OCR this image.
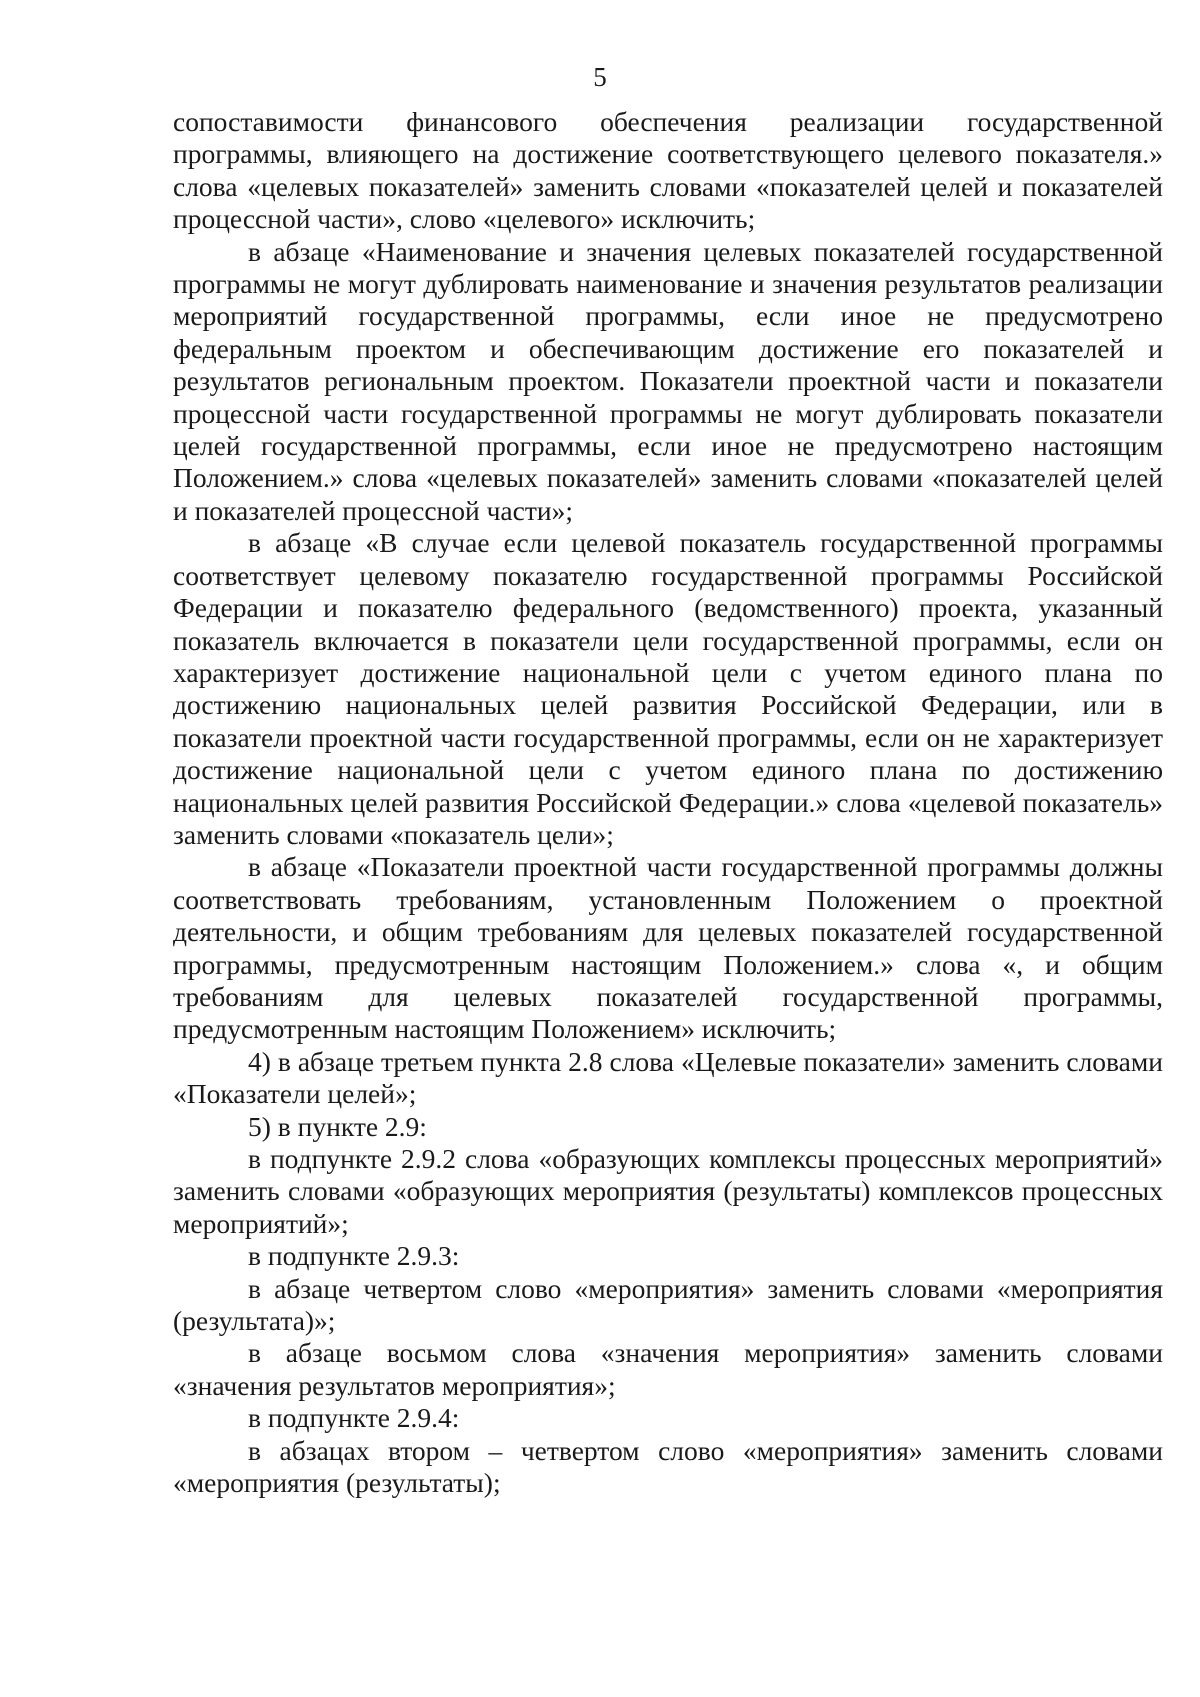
5

сопоставимости финансового обеспечения реализации государственной программы, влияющего на достижение соответствующего целевого показателя.» слова «целевых показателей» заменить словами «показателей целей и показателей процессной части», слово «целевого» исключить;

в абзаце «Наименование и значения целевых показателей государственной программы не могут дублировать наименование и значения результатов реализации мероприятий государственной программы, если иное не предусмотрено федеральным проектом и обеспечивающим достижение его показателей и результатов региональным проектом. Показатели проектной части и показатели процессной части государственной программы не могут дублировать показатели целей государственной программы, если иное не предусмотрено настоящим Положением.» слова «целевых показателей» заменить словами «показателей целей и показателей процессной части»;

в абзаце «В случае если целевой показатель государственной программы соответствует целевому показателю государственной программы Российской Федерации и показателю федерального (ведомственного) проекта, указанный показатель включается в показатели цели государственной программы, если он характеризует достижение национальной цели с учетом единого плана по достижению национальных целей развития Российской Федерации, или в показатели проектной части государственной программы, если он не характеризует достижение национальной цели с учетом единого плана по достижению национальных целей развития Российской Федерации.» слова «целевой показатель» заменить словами «показатель цели»;

в абзаце «Показатели проектной части государственной программы должны соответствовать требованиям, установленным Положением о проектной деятельности, и общим требованиям для целевых показателей государственной программы, предусмотренным настоящим Положением.» слова «, и общим требованиям для целевых показателей государственной программы, предусмотренным настоящим Положением» исключить;

4) в абзаце третьем пункта 2.8 слова «Целевые показатели» заменить словами «Показатели целей»;

5) в пункте 2.9:

в подпункте 2.9.2 слова «образующих комплексы процессных мероприятий» заменить словами «образующих мероприятия (результаты) комплексов процессных мероприятий»;

в подпункте 2.9.3:

в абзаце четвертом слово «мероприятия» заменить словами «мероприятия (результата)»;

в абзаце восьмом слова «значения мероприятия» заменить словами «значения результатов мероприятия»;

в подпункте 2.9.4:

в абзацах втором – четвертом слово «мероприятия» заменить словами «мероприятия (результаты);
